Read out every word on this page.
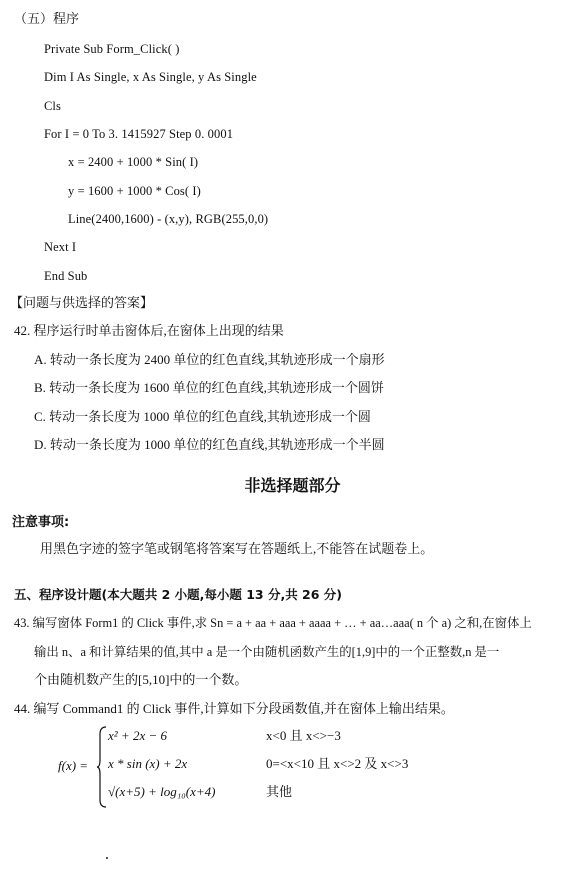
（五）程序
Private Sub Form_Click( )
Dim I As Single, x As Single, y As Single
Cls
For I = 0 To 3. 1415927 Step 0. 0001
x = 2400 + 1000 * Sin( I)
y = 1600 + 1000 * Cos( I)
Line(2400,1600) - (x,y), RGB(255,0,0)
Next I
End Sub
【问题与供选择的答案】
42. 程序运行时单击窗体后,在窗体上出现的结果
A. 转动一条长度为 2400 单位的红色直线,其轨迹形成一个扇形
B. 转动一条长度为 1600 单位的红色直线,其轨迹形成一个圆饼
C. 转动一条长度为 1000 单位的红色直线,其轨迹形成一个圆
D. 转动一条长度为 1000 单位的红色直线,其轨迹形成一个半圆
非选择题部分
注意事项:
用黑色字迹的签字笔或钢笔将答案写在答题纸上,不能答在试题卷上。
五、程序设计题(本大题共 2 小题,每小题 13 分,共 26 分)
43. 编写窗体 Form1 的 Click 事件,求 Sn = a + aa + aaa + aaaa + … + aa…aaa( n 个 a) 之和,在窗体上
输出 n、a 和计算结果的值,其中 a 是一个由随机函数产生的[1,9]中的一个正整数,n 是一
个由随机数产生的[5,10]中的一个数。
44. 编写 Command1 的 Click 事件,计算如下分段函数值,并在窗体上输出结果。
f(x) =
x² + 2x − 6	x<0 且 x<>−3
x * sin (x) + 2x	0=<x<10 且 x<>2 及 x<>3
√(x+5) + log₁₀(x+4)	其他
